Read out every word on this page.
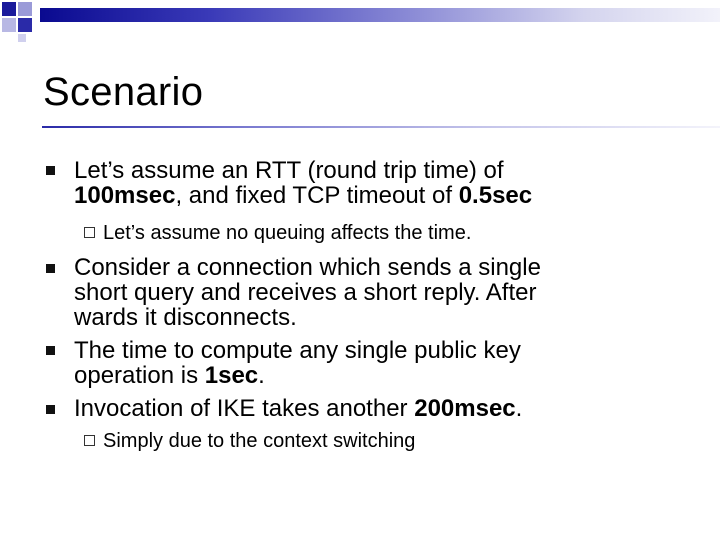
Scenario
Let’s assume an RTT (round trip time) of
100msec, and fixed TCP timeout of 0.5sec
Let’s assume no queuing affects the time.
Consider a connection which sends a single
short query and receives a short reply. After
wards it disconnects.
The time to compute any single public key
operation is 1sec.
Invocation of IKE takes another 200msec.
Simply due to the context switching
